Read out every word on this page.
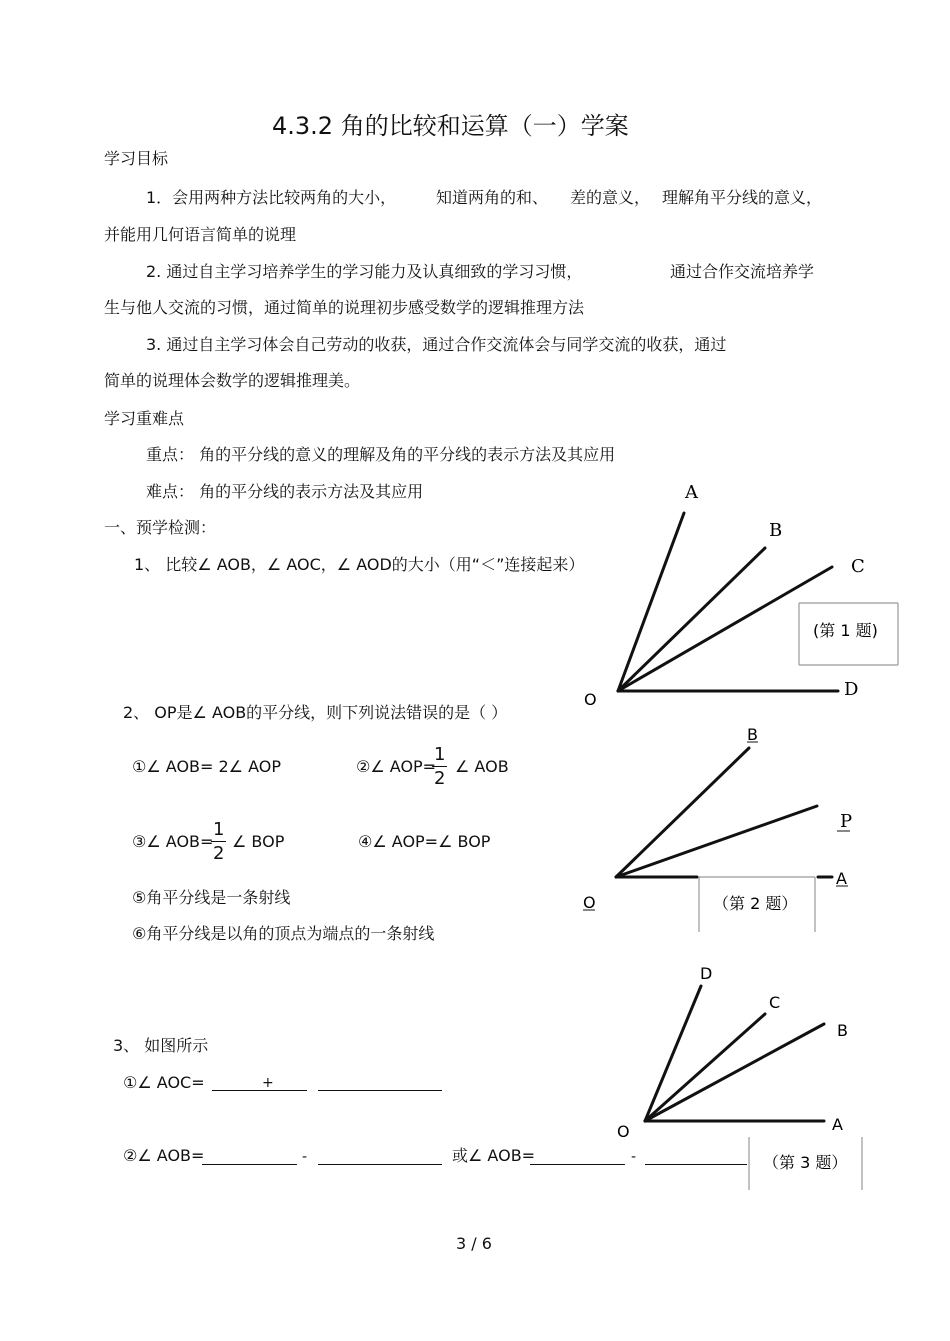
4.3.2 角的比较和运算（一）学案
学习目标
1．会用两种方法比较两角的大小， 知道两角的和、 差的意义， 理解角平分线的意义，
并能用几何语言简单的说理
2. 通过自主学习培养学生的学习能力及认真细致的学习习惯，	通过合作交流培养学
生与他人交流的习惯，通过简单的说理初步感受数学的逻辑推理方法
3. 通过自主学习体会自己劳动的收获，通过合作交流体会与同学交流的收获，通过
简单的说理体会数学的逻辑推理美。
学习重难点
重点： 角的平分线的意义的理解及角的平分线的表示方法及其应用
难点： 角的平分线的表示方法及其应用
一、预学检测：
1、 比较∠ AOB，∠ AOC，∠ AOD的大小（用“＜”连接起来）
2、 OP是∠ AOB的平分线，则下列说法错误的是（ ）
①∠ AOB= 2∠ AOP	②∠ AOP=
$\frac{1}{2}$ ∠ AOB
③∠ AOB=
$\frac{1}{2}$ ∠ BOP	④∠ AOP=∠ BOP
⑤角平分线是一条射线
⑥角平分线是以角的顶点为端点的一条射线
3、 如图所示
①∠ AOC=	+
②∠ AOB=	-	或∠ AOB=	-
A
B
C
D
O
(第 1 题)
B
P
A
O	（第 2 题）
D
C
B
A
O
（第 3 题）
3 / 6
